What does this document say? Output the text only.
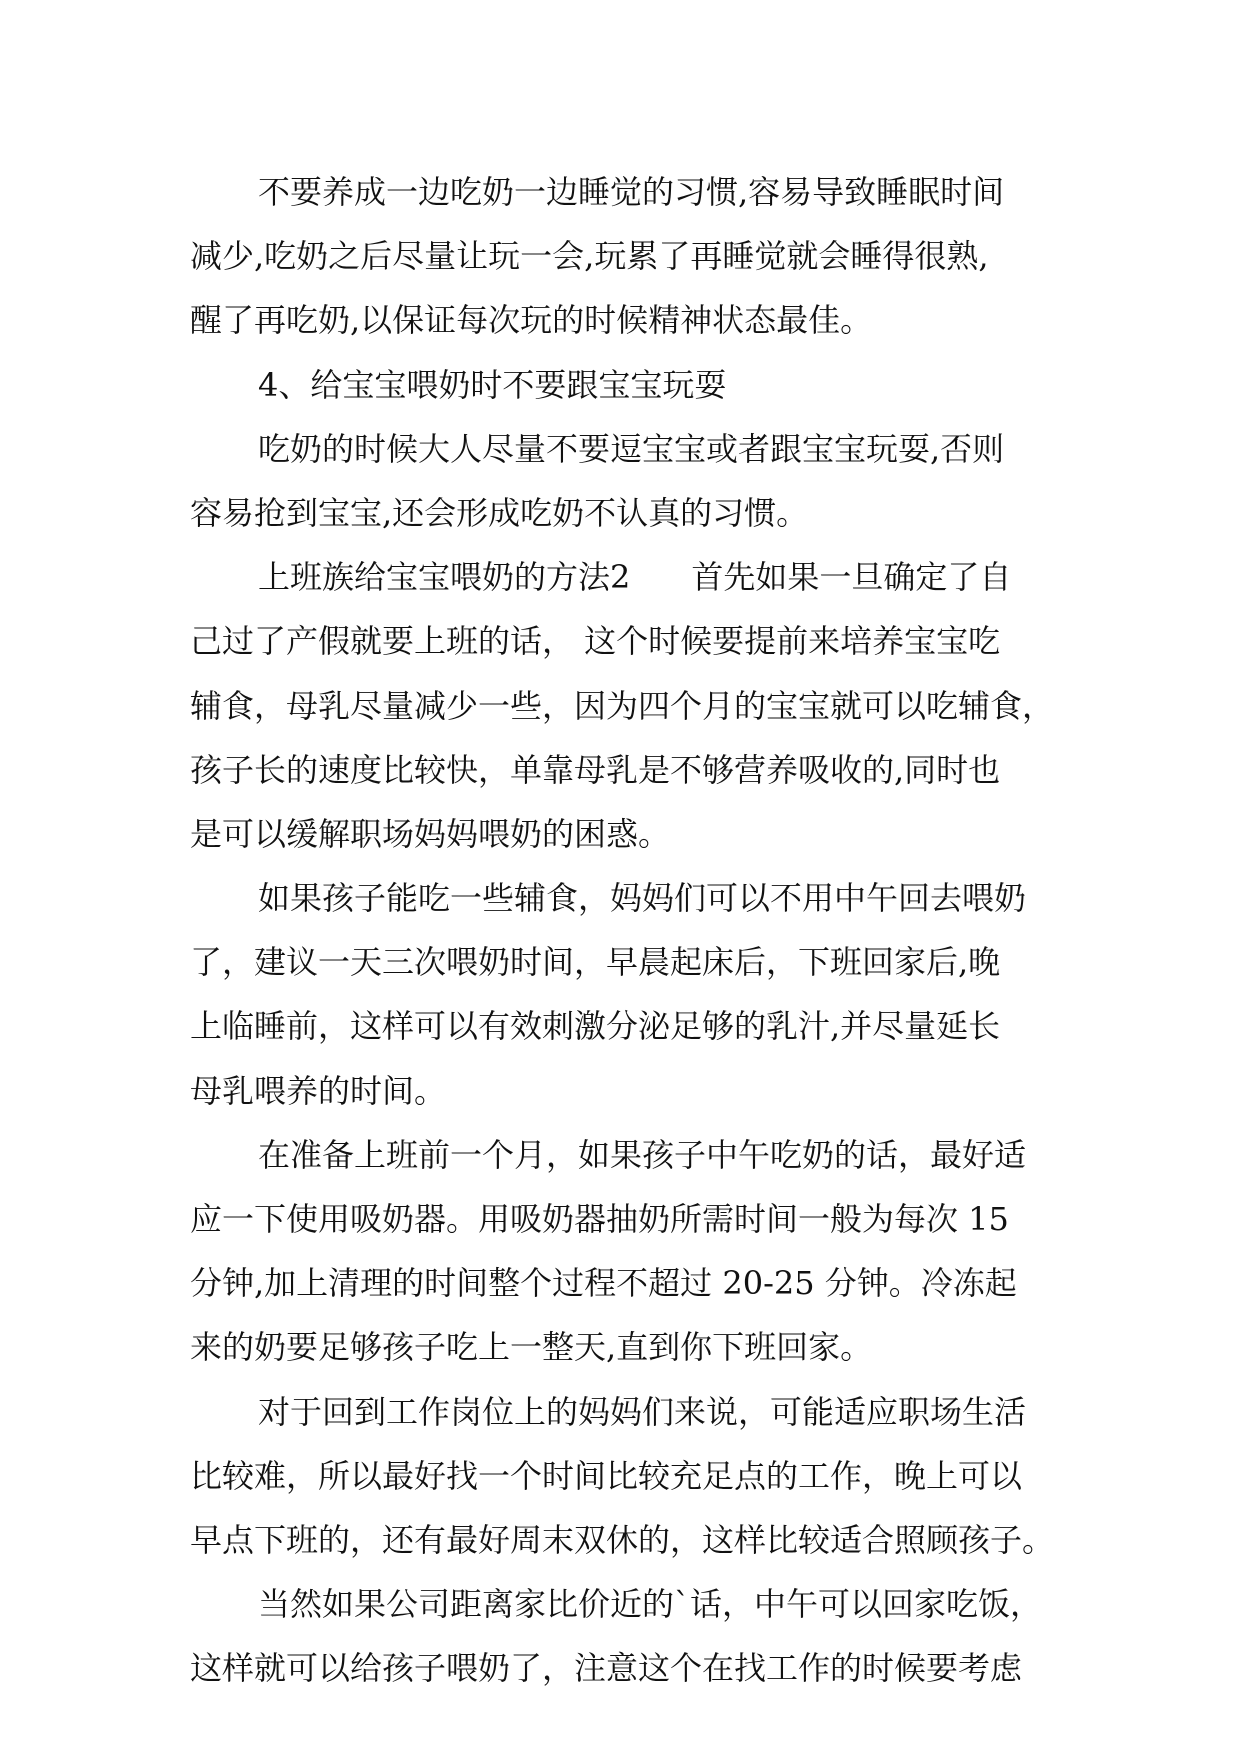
不要养成一边吃奶一边睡觉的习惯,容易导致睡眠时间

减少,吃奶之后尽量让玩一会,玩累了再睡觉就会睡得很熟,

醒了再吃奶,以保证每次玩的时候精神状态最佳。

4、给宝宝喂奶时不要跟宝宝玩耍

吃奶的时候大人尽量不要逗宝宝或者跟宝宝玩耍,否则

容易抢到宝宝,还会形成吃奶不认真的习惯。

上班族给宝宝喂奶的方法2      首先如果一旦确定了自

己过了产假就要上班的话， 这个时候要提前来培养宝宝吃

辅食，母乳尽量减少一些，因为四个月的宝宝就可以吃辅食，

孩子长的速度比较快，单靠母乳是不够营养吸收的,同时也

是可以缓解职场妈妈喂奶的困惑。

如果孩子能吃一些辅食，妈妈们可以不用中午回去喂奶

了，建议一天三次喂奶时间，早晨起床后，下班回家后,晚

上临睡前，这样可以有效刺激分泌足够的乳汁,并尽量延长

母乳喂养的时间。

在准备上班前一个月，如果孩子中午吃奶的话，最好适

应一下使用吸奶器。用吸奶器抽奶所需时间一般为每次 15

分钟,加上清理的时间整个过程不超过 20-25 分钟。冷冻起

来的奶要足够孩子吃上一整天,直到你下班回家。

对于回到工作岗位上的妈妈们来说，可能适应职场生活

比较难，所以最好找一个时间比较充足点的工作，晚上可以

早点下班的，还有最好周末双休的，这样比较适合照顾孩子。

当然如果公司距离家比价近的`话，中午可以回家吃饭，

这样就可以给孩子喂奶了，注意这个在找工作的时候要考虑
